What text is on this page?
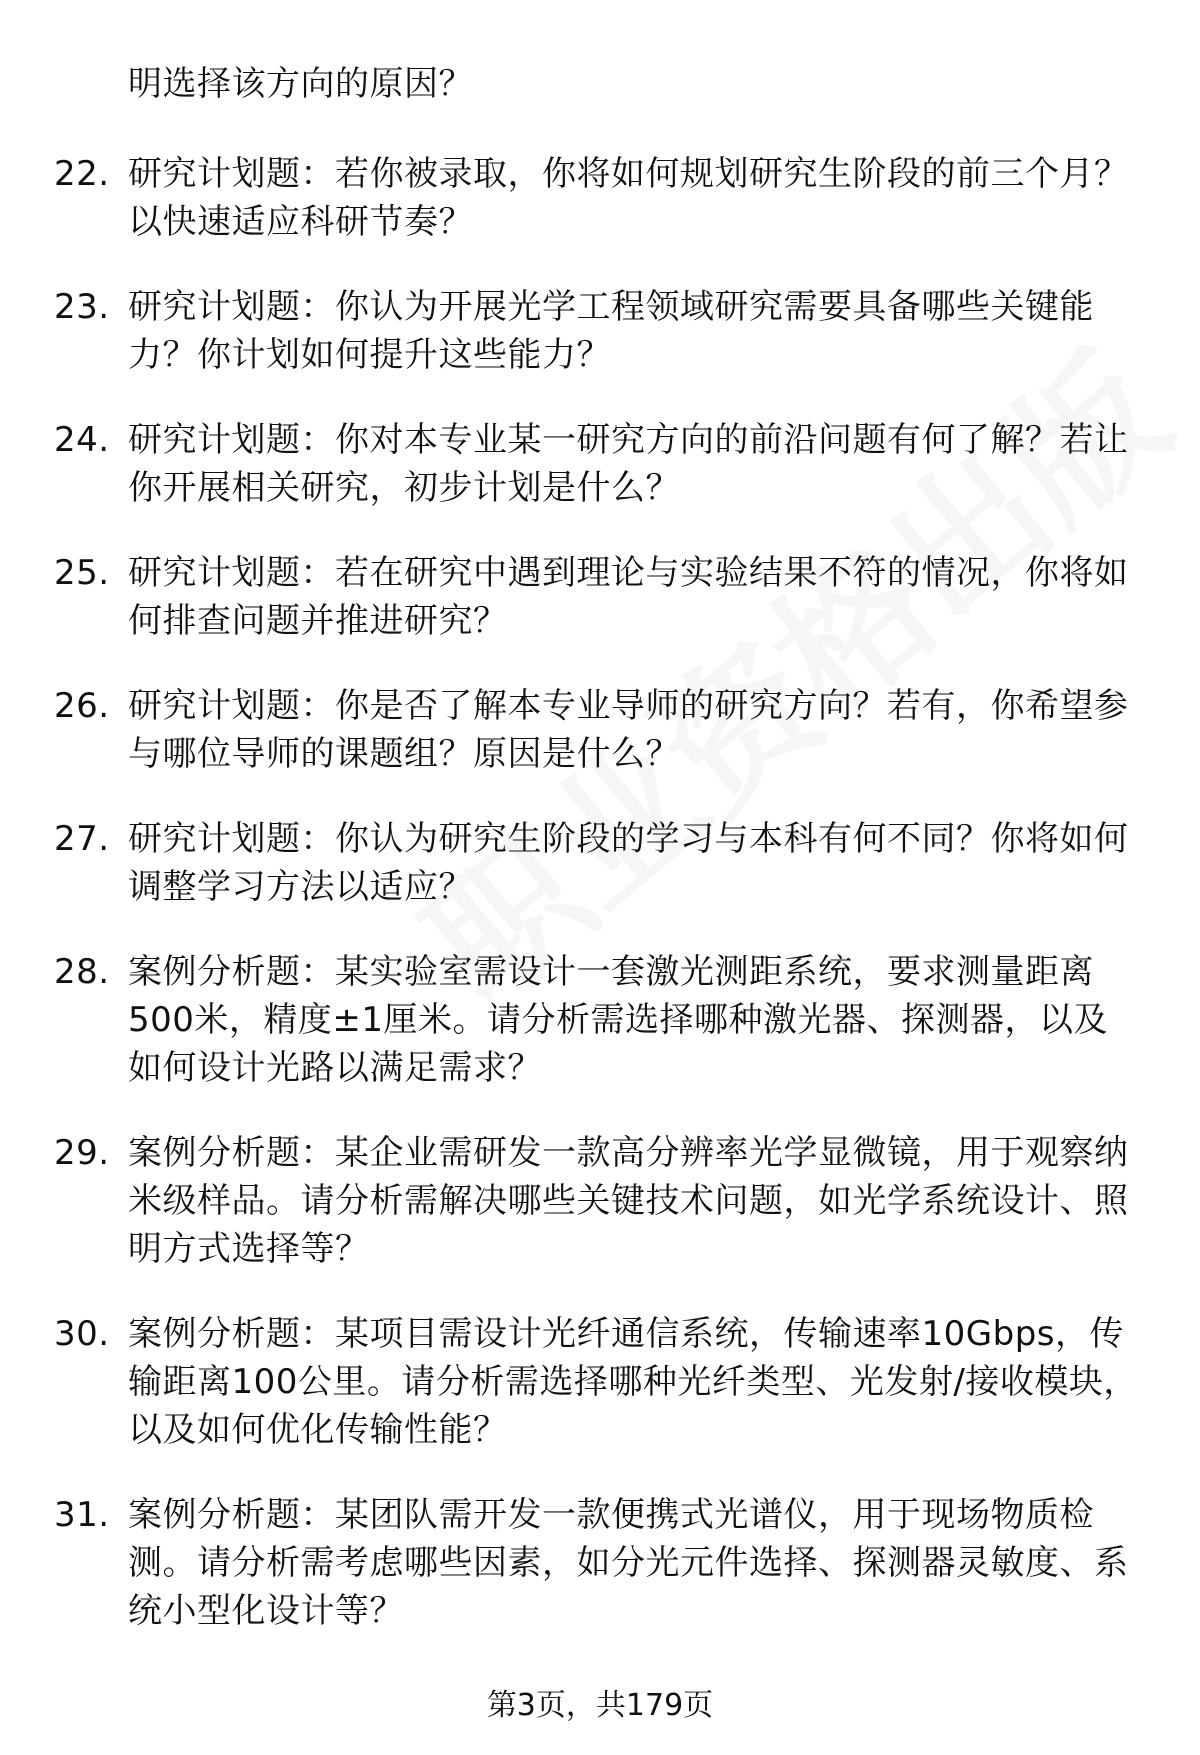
明选择该方向的原因？
22. 研究计划题：若你被录取，你将如何规划研究生阶段的前三个月？以快速适应科研节奏？
23. 研究计划题：你认为开展光学工程领域研究需要具备哪些关键能力？你计划如何提升这些能力？
24. 研究计划题：你对本专业某一研究方向的前沿问题有何了解？若让你开展相关研究，初步计划是什么？
25. 研究计划题：若在研究中遇到理论与实验结果不符的情况，你将如何排查问题并推进研究？
26. 研究计划题：你是否了解本专业导师的研究方向？若有，你希望参与哪位导师的课题组？原因是什么？
27. 研究计划题：你认为研究生阶段的学习与本科有何不同？你将如何调整学习方法以适应？
28. 案例分析题：某实验室需设计一套激光测距系统，要求测量距离500米，精度±1厘米。请分析需选择哪种激光器、探测器，以及如何设计光路以满足需求？
29. 案例分析题：某企业需研发一款高分辨率光学显微镜，用于观察纳米级样品。请分析需解决哪些关键技术问题，如光学系统设计、照明方式选择等？
30. 案例分析题：某项目需设计光纤通信系统，传输速率10Gbps，传输距离100公里。请分析需选择哪种光纤类型、光发射/接收模块，以及如何优化传输性能？
31. 案例分析题：某团队需开发一款便携式光谱仪，用于现场物质检测。请分析需考虑哪些因素，如分光元件选择、探测器灵敏度、系统小型化设计等？
第3页，共179页
